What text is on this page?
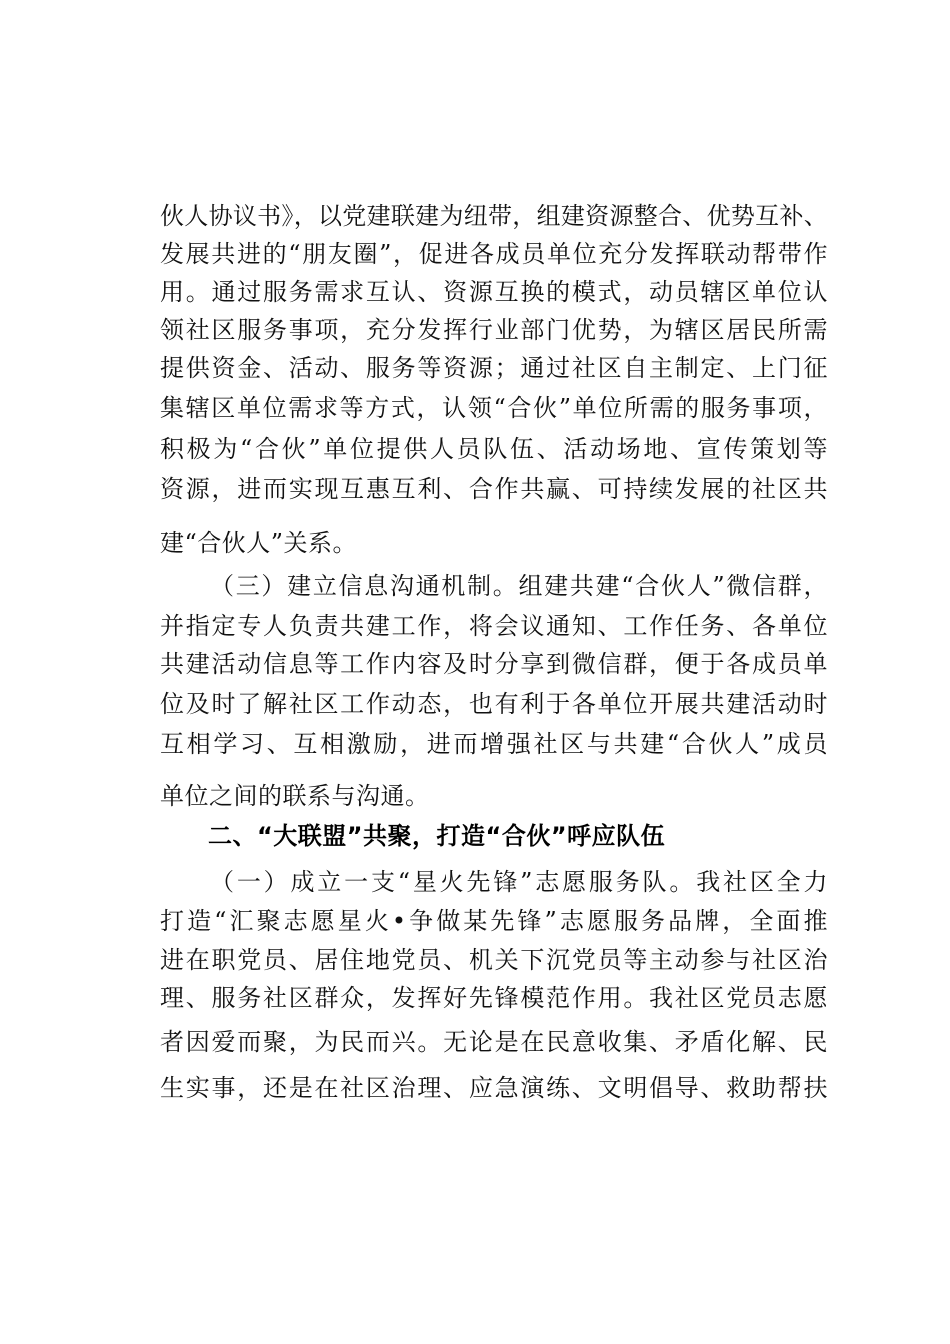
伙人协议书》，以党建联建为纽带，组建资源整合、优势互补、
发展共进的“朋友圈”，促进各成员单位充分发挥联动帮带作
用。通过服务需求互认、资源互换的模式，动员辖区单位认
领社区服务事项，充分发挥行业部门优势，为辖区居民所需
提供资金、活动、服务等资源；通过社区自主制定、上门征
集辖区单位需求等方式，认领“合伙”单位所需的服务事项，
积极为“合伙”单位提供人员队伍、活动场地、宣传策划等
资源，进而实现互惠互利、合作共赢、可持续发展的社区共
建“合伙人”关系。
（三）建立信息沟通机制。组建共建“合伙人”微信群，
并指定专人负责共建工作，将会议通知、工作任务、各单位
共建活动信息等工作内容及时分享到微信群，便于各成员单
位及时了解社区工作动态，也有利于各单位开展共建活动时
互相学习、互相激励，进而增强社区与共建“合伙人”成员
单位之间的联系与沟通。
二、“大联盟”共聚，打造“合伙”呼应队伍
（一）成立一支“星火先锋”志愿服务队。我社区全力
打造“汇聚志愿星火•争做某先锋”志愿服务品牌，全面推
进在职党员、居住地党员、机关下沉党员等主动参与社区治
理、服务社区群众，发挥好先锋模范作用。我社区党员志愿
者因爱而聚，为民而兴。无论是在民意收集、矛盾化解、民
生实事，还是在社区治理、应急演练、文明倡导、救助帮扶
